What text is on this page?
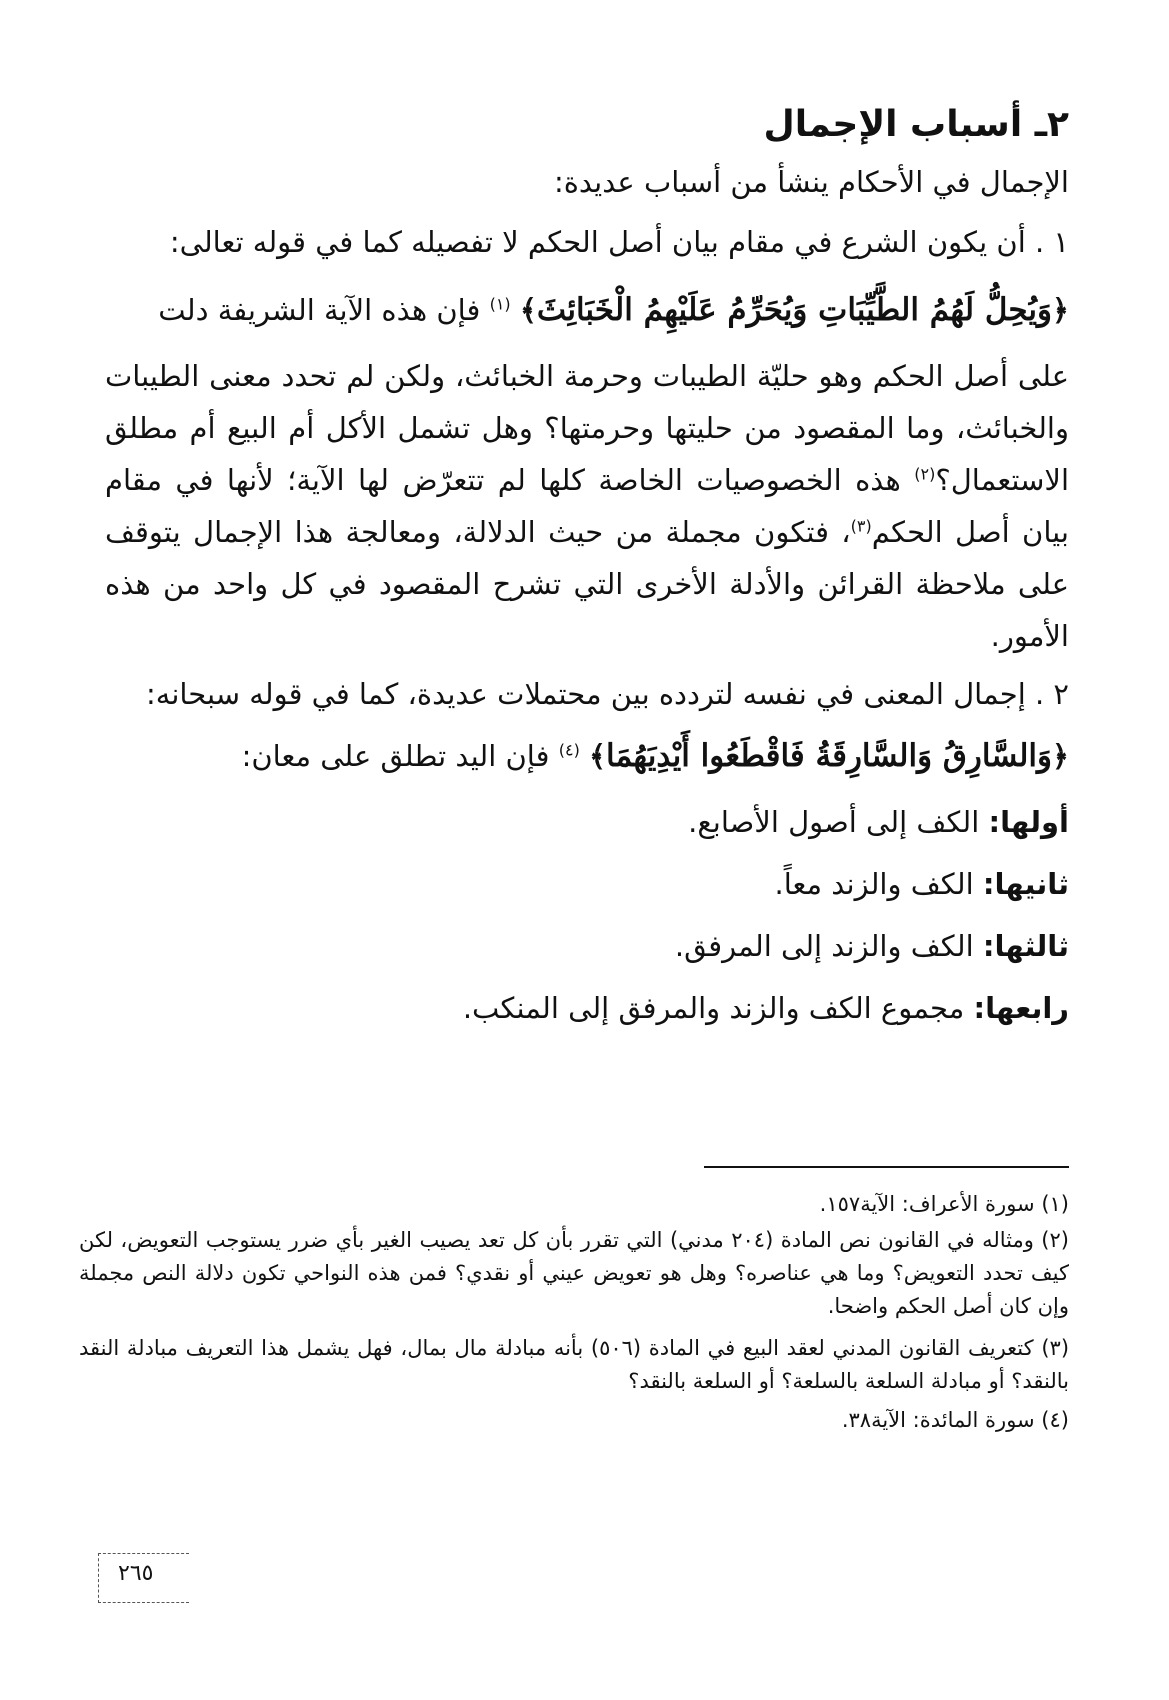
٢ـ أسباب الإجمال
الإجمال في الأحكام ينشأ من أسباب عديدة:
١ . أن يكون الشرع في مقام بيان أصل الحكم لا تفصيله كما في قوله تعالى:
﴿وَيُحِلُّ لَهُمُ الطَّيِّبَاتِ وَيُحَرِّمُ عَلَيْهِمُ الْخَبَائِثَ﴾ $^{(١)}$ فإن هذه الآية الشريفة دلت
على أصل الحكم وهو حليّة الطيبات وحرمة الخبائث، ولكن لم تحدد معنى الطيبات والخبائث، وما المقصود من حليتها وحرمتها؟ وهل تشمل الأكل أم البيع أم مطلق الاستعمال؟$^{(٢)}$ هذه الخصوصيات الخاصة كلها لم تتعرّض لها الآية؛ لأنها في مقام بيان أصل الحكم$^{(٣)}$، فتكون مجملة من حيث الدلالة، ومعالجة هذا الإجمال يتوقف على ملاحظة القرائن والأدلة الأخرى التي تشرح المقصود في كل واحد من هذه الأمور.
٢ . إجمال المعنى في نفسه لتردده بين محتملات عديدة، كما في قوله سبحانه:
﴿وَالسَّارِقُ وَالسَّارِقَةُ فَاقْطَعُوا أَيْدِيَهُمَا﴾ $^{(٤)}$ فإن اليد تطلق على معان:
أولها: الكف إلى أصول الأصابع.
ثانيها: الكف والزند معاً.
ثالثها: الكف والزند إلى المرفق.
رابعها: مجموع الكف والزند والمرفق إلى المنكب.
(١) سورة الأعراف: الآية١٥٧.
(٢) ومثاله في القانون نص المادة (٢٠٤ مدني) التي تقرر بأن كل تعد يصيب الغير بأي ضرر يستوجب التعويض، لكن كيف تحدد التعويض؟ وما هي عناصره؟ وهل هو تعويض عيني أو نقدي؟ فمن هذه النواحي تكون دلالة النص مجملة وإن كان أصل الحكم واضحا.
(٣) كتعريف القانون المدني لعقد البيع في المادة (٥٠٦) بأنه مبادلة مال بمال، فهل يشمل هذا التعريف مبادلة النقد بالنقد؟ أو مبادلة السلعة بالسلعة؟ أو السلعة بالنقد؟
(٤) سورة المائدة: الآية٣٨.
٢٦٥
